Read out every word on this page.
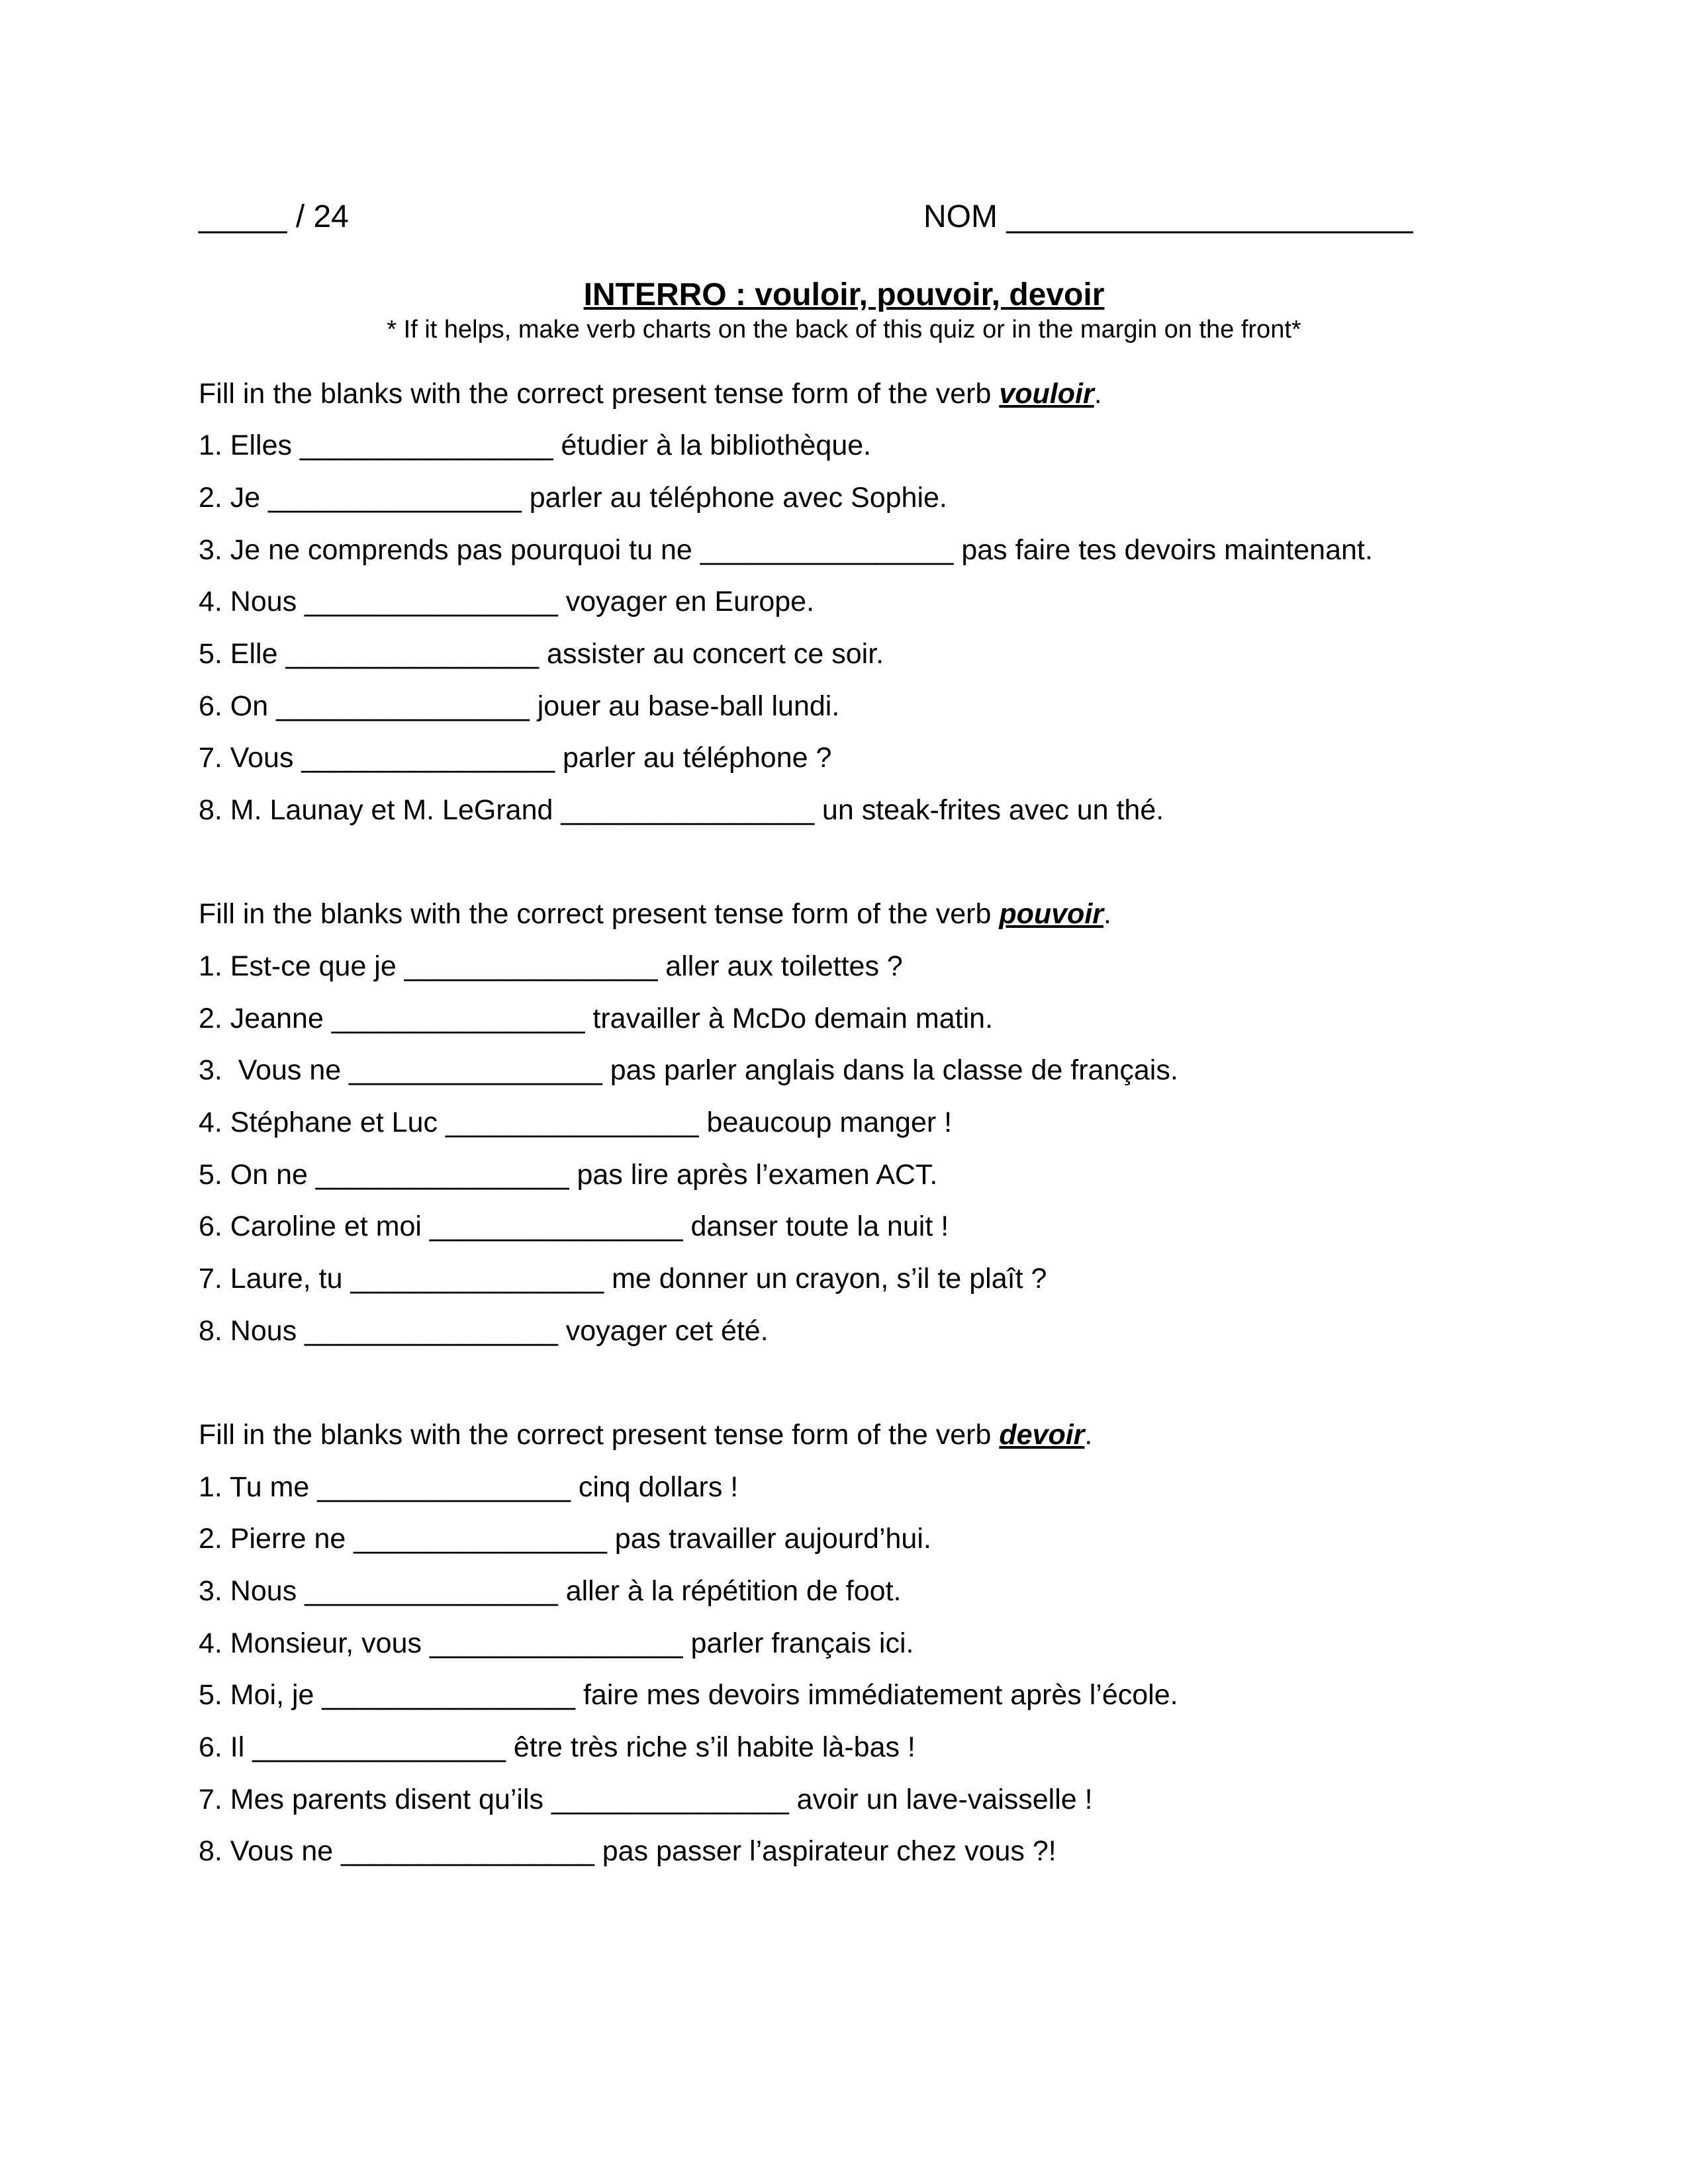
_____ / 24	NOM _______________________
INTERRO : vouloir, pouvoir, devoir
* If it helps, make verb charts on the back of this quiz or in the margin on the front*
Fill in the blanks with the correct present tense form of the verb vouloir.
1. Elles ________________ étudier à la bibliothèque.
2. Je ________________ parler au téléphone avec Sophie.
3. Je ne comprends pas pourquoi tu ne ________________ pas faire tes devoirs maintenant.
4. Nous ________________ voyager en Europe.
5. Elle ________________ assister au concert ce soir.
6. On ________________ jouer au base-ball lundi.
7. Vous ________________ parler au téléphone ?
8. M. Launay et M. LeGrand ________________ un steak-frites avec un thé.
Fill in the blanks with the correct present tense form of the verb pouvoir.
1. Est-ce que je ________________ aller aux toilettes ?
2. Jeanne ________________ travailler à McDo demain matin.
3.  Vous ne ________________ pas parler anglais dans la classe de français.
4. Stéphane et Luc ________________ beaucoup manger !
5. On ne ________________ pas lire après l’examen ACT.
6. Caroline et moi ________________ danser toute la nuit !
7. Laure, tu ________________ me donner un crayon, s’il te plaît ?
8. Nous ________________ voyager cet été.
Fill in the blanks with the correct present tense form of the verb devoir.
1. Tu me ________________ cinq dollars !
2. Pierre ne ________________ pas travailler aujourd’hui.
3. Nous ________________ aller à la répétition de foot.
4. Monsieur, vous ________________ parler français ici.
5. Moi, je ________________ faire mes devoirs immédiatement après l’école.
6. Il ________________ être très riche s’il habite là-bas !
7. Mes parents disent qu’ils _______________ avoir un lave-vaisselle !
8. Vous ne ________________ pas passer l’aspirateur chez vous ?!
